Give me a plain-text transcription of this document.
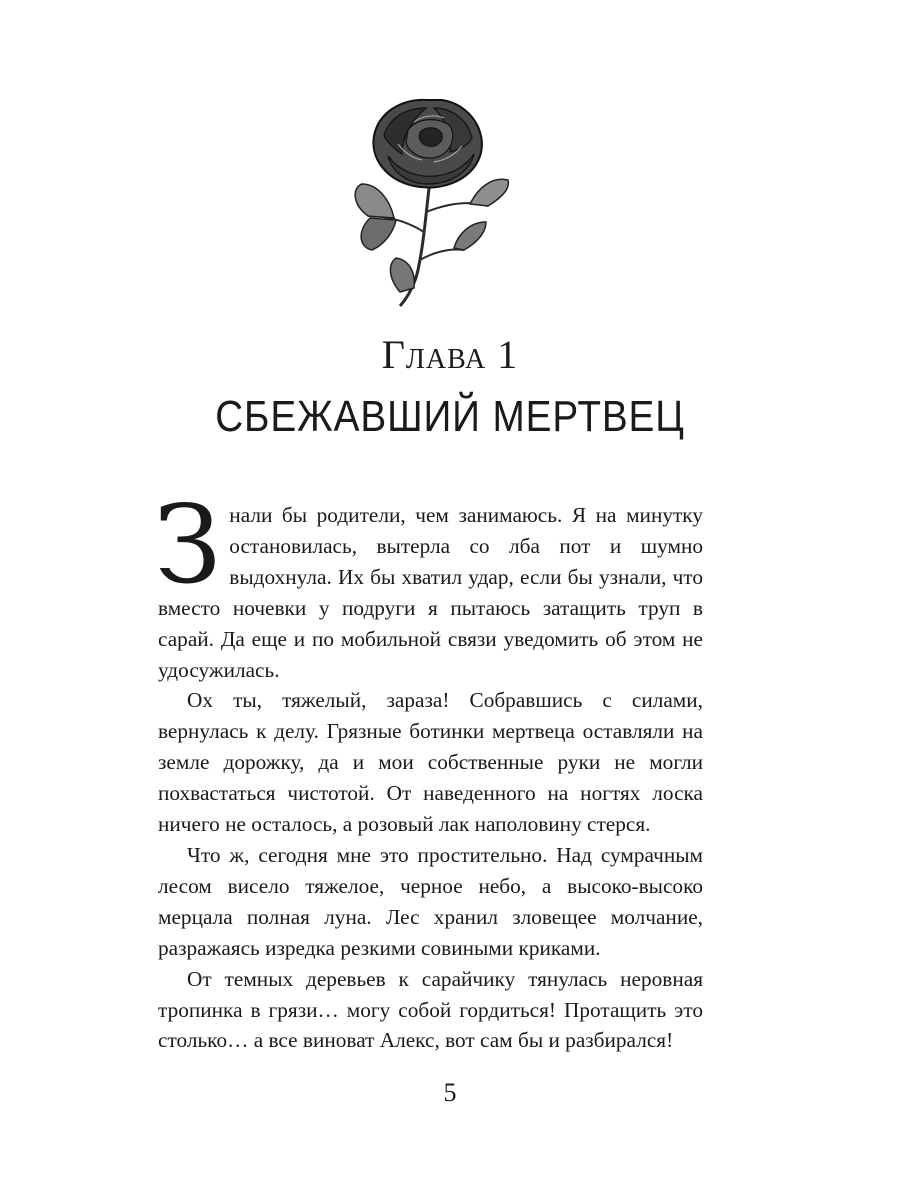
Глава 1
СБЕЖАВШИЙ МЕРТВЕЦ

Знали бы родители, чем занимаюсь. Я на минутку остановилась, вытерла со лба пот и шумно выдохнула. Их бы хватил удар, если бы узнали, что вместо ночевки у подруги я пытаюсь затащить труп в сарай. Да еще и по мобильной связи уведомить об этом не удосужилась.

Ох ты, тяжелый, зараза! Собравшись с силами, вернулась к делу. Грязные ботинки мертвеца оставляли на земле дорожку, да и мои собственные руки не могли похвастаться чистотой. От наведенного на ногтях лоска ничего не осталось, а розовый лак наполовину стерся.

Что ж, сегодня мне это простительно. Над сумрачным лесом висело тяжелое, черное небо, а высоко-высоко мерцала полная луна. Лес хранил зловещее молчание, разражаясь изредка резкими совиными криками.

От темных деревьев к сарайчику тянулась неровная тропинка в грязи… могу собой гордиться! Протащить это столько… а все виноват Алекс, вот сам бы и разбирался!

5
